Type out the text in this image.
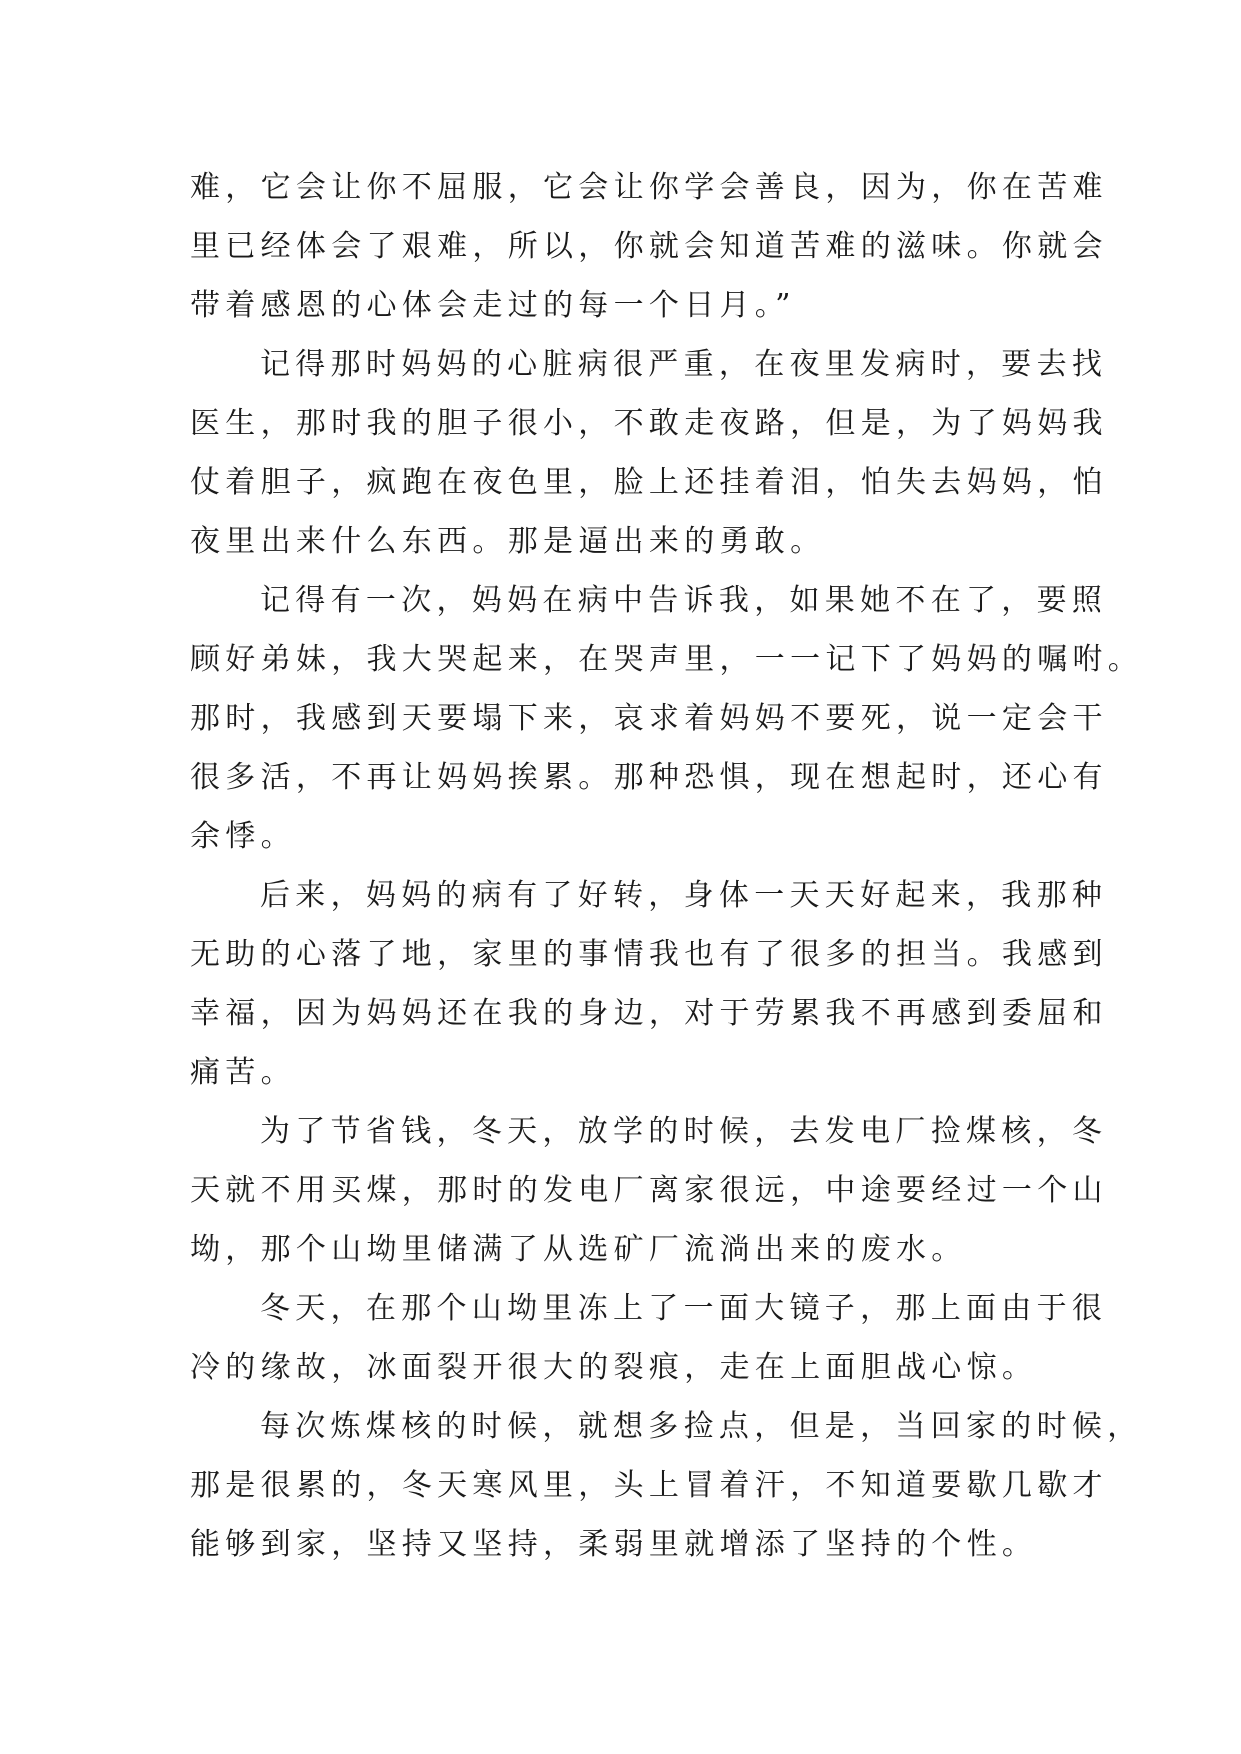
难，它会让你不屈服，它会让你学会善良，因为，你在苦难
里已经体会了艰难，所以，你就会知道苦难的滋味。你就会
带着感恩的心体会走过的每一个日月。”
记得那时妈妈的心脏病很严重，在夜里发病时，要去找
医生，那时我的胆子很小，不敢走夜路，但是，为了妈妈我
仗着胆子，疯跑在夜色里，脸上还挂着泪，怕失去妈妈，怕
夜里出来什么东西。那是逼出来的勇敢。
记得有一次，妈妈在病中告诉我，如果她不在了，要照
顾好弟妹，我大哭起来，在哭声里，一一记下了妈妈的嘱咐。
那时，我感到天要塌下来，哀求着妈妈不要死，说一定会干
很多活，不再让妈妈挨累。那种恐惧，现在想起时，还心有
余悸。
后来，妈妈的病有了好转，身体一天天好起来，我那种
无助的心落了地，家里的事情我也有了很多的担当。我感到
幸福，因为妈妈还在我的身边，对于劳累我不再感到委屈和
痛苦。
为了节省钱，冬天，放学的时候，去发电厂捡煤核，冬
天就不用买煤，那时的发电厂离家很远，中途要经过一个山
坳，那个山坳里储满了从选矿厂流淌出来的废水。
冬天，在那个山坳里冻上了一面大镜子，那上面由于很
冷的缘故，冰面裂开很大的裂痕，走在上面胆战心惊。
每次炼煤核的时候，就想多捡点，但是，当回家的时候，
那是很累的，冬天寒风里，头上冒着汗，不知道要歇几歇才
能够到家，坚持又坚持，柔弱里就增添了坚持的个性。
